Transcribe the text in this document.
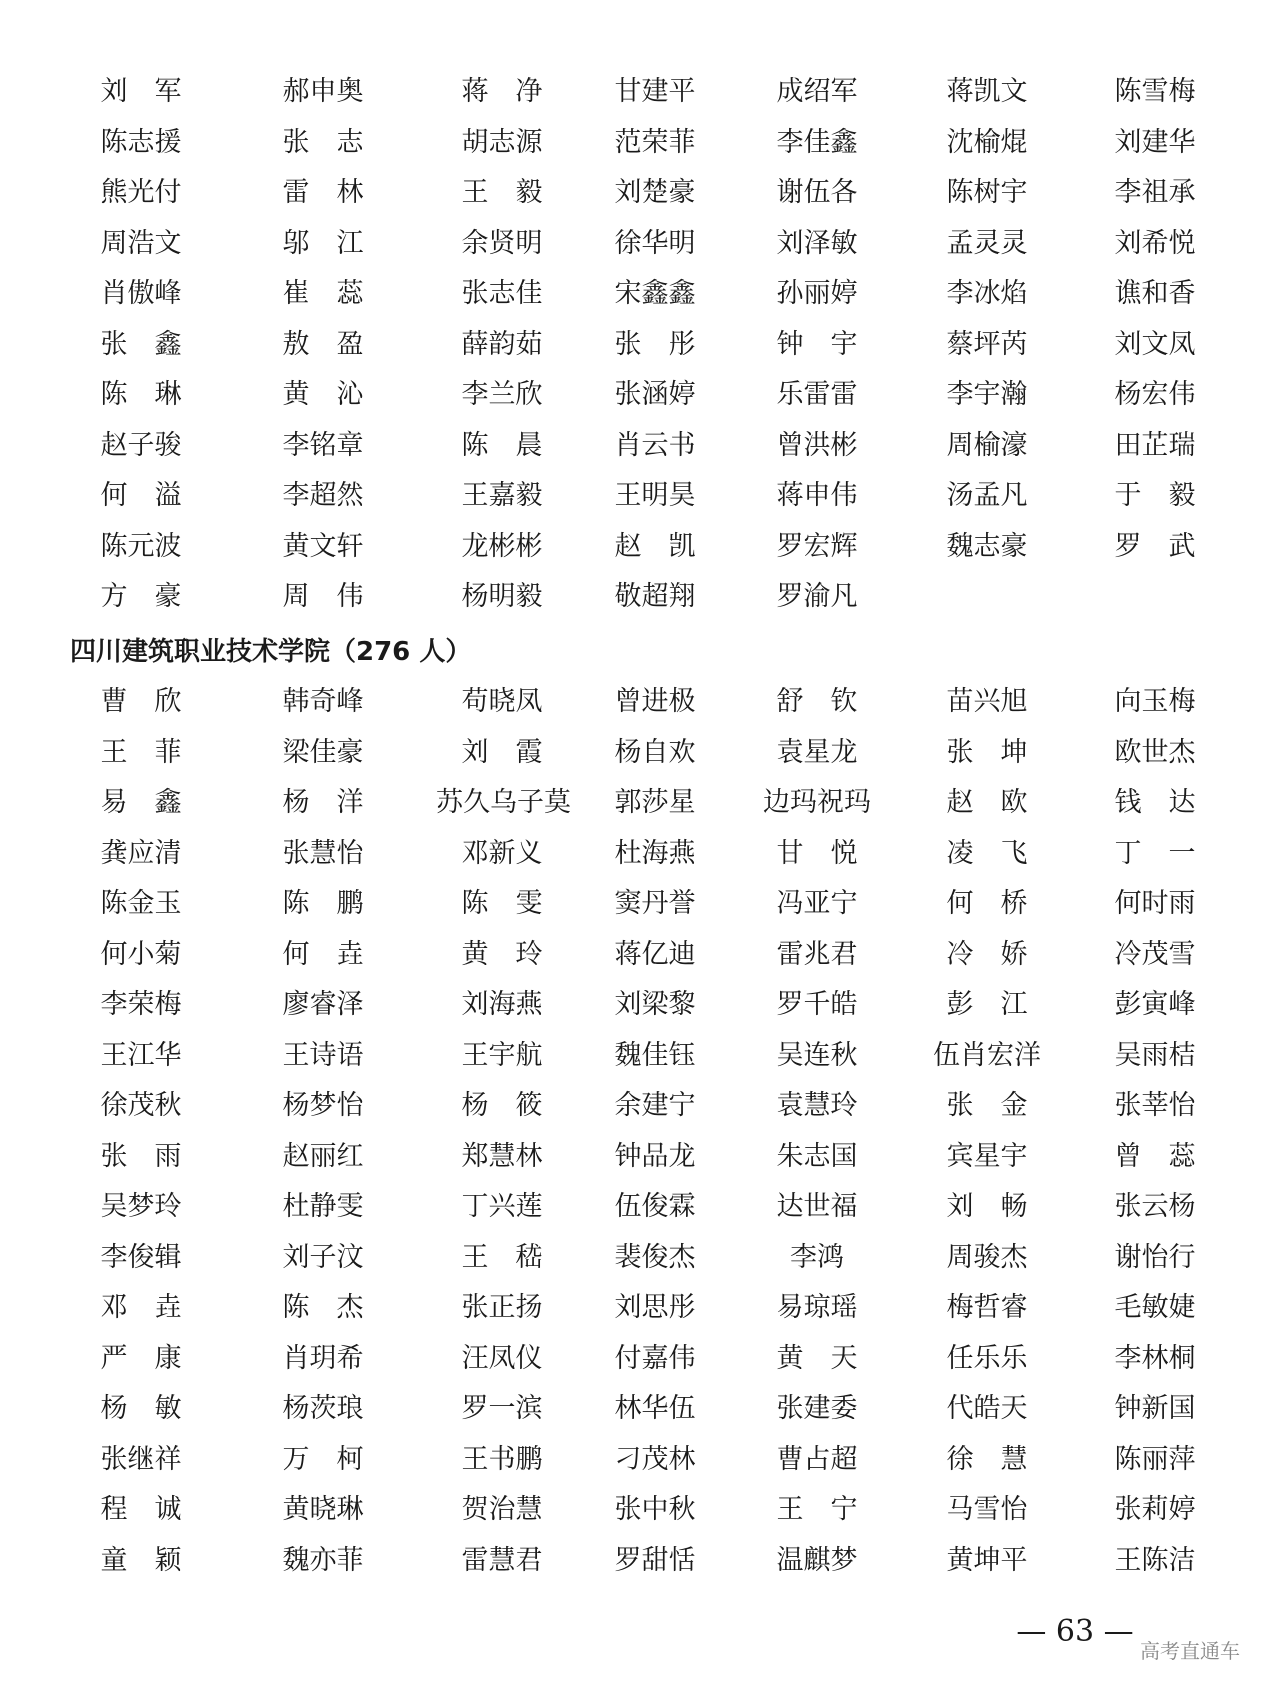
刘　军	郝申奥	蒋　净	甘建平	成绍军	蒋凯文	陈雪梅
陈志援	张　志	胡志源	范荣菲	李佳鑫	沈榆焜	刘建华
熊光付	雷　林	王　毅	刘楚豪	谢伍各	陈树宇	李祖承
周浩文	邬　江	余贤明	徐华明	刘泽敏	孟灵灵	刘希悦
肖傲峰	崔　蕊	张志佳	宋鑫鑫	孙丽婷	李冰焰	谯和香
张　鑫	敖　盈	薛韵茹	张　彤	钟　宇	蔡坪芮	刘文凤
陈　琳	黄　沁	李兰欣	张涵婷	乐雷雷	李宇瀚	杨宏伟
赵子骏	李铭章	陈　晨	肖云书	曾洪彬	周榆濠	田芷瑞
何　溢	李超然	王嘉毅	王明昊	蒋申伟	汤孟凡	于　毅
陈元波	黄文轩	龙彬彬	赵　凯	罗宏辉	魏志豪	罗　武
方　豪	周　伟	杨明毅	敬超翔	罗渝凡
四川建筑职业技术学院（276 人）
曹　欣	韩奇峰	苟晓凤	曾进极	舒　钦	苗兴旭	向玉梅
王　菲	梁佳豪	刘　霞	杨自欢	袁星龙	张　坤	欧世杰
易　鑫	杨　洋	苏久乌子莫	郭莎星	边玛祝玛	赵　欧	钱　达
龚应清	张慧怡	邓新义	杜海燕	甘　悦	凌　飞	丁　一
陈金玉	陈　鹏	陈　雯	窦丹誉	冯亚宁	何　桥	何时雨
何小菊	何　垚	黄　玲	蒋亿迪	雷兆君	冷　娇	冷茂雪
李荣梅	廖睿泽	刘海燕	刘梁黎	罗千皓	彭　江	彭寅峰
王江华	王诗语	王宇航	魏佳钰	吴连秋	伍肖宏洋	吴雨桔
徐茂秋	杨梦怡	杨　筱	余建宁	袁慧玲	张　金	张莘怡
张　雨	赵丽红	郑慧林	钟品龙	朱志国	宾星宇	曾　蕊
吴梦玲	杜静雯	丁兴莲	伍俊霖	达世福	刘　畅	张云杨
李俊辑	刘子汶	王　嵇	裴俊杰	李鸿	周骏杰	谢怡行
邓　垚	陈　杰	张正扬	刘思彤	易琼瑶	梅哲睿	毛敏婕
严　康	肖玥希	汪凤仪	付嘉伟	黄　天	任乐乐	李林桐
杨　敏	杨茨琅	罗一滨	林华伍	张建委	代皓天	钟新国
张继祥	万　柯	王书鹏	刁茂林	曹占超	徐　慧	陈丽萍
程　诚	黄晓琳	贺治慧	张中秋	王　宁	马雪怡	张莉婷
童　颖	魏亦菲	雷慧君	罗甜恬	温麒梦	黄坤平	王陈洁
— 63 —
高考直通车
